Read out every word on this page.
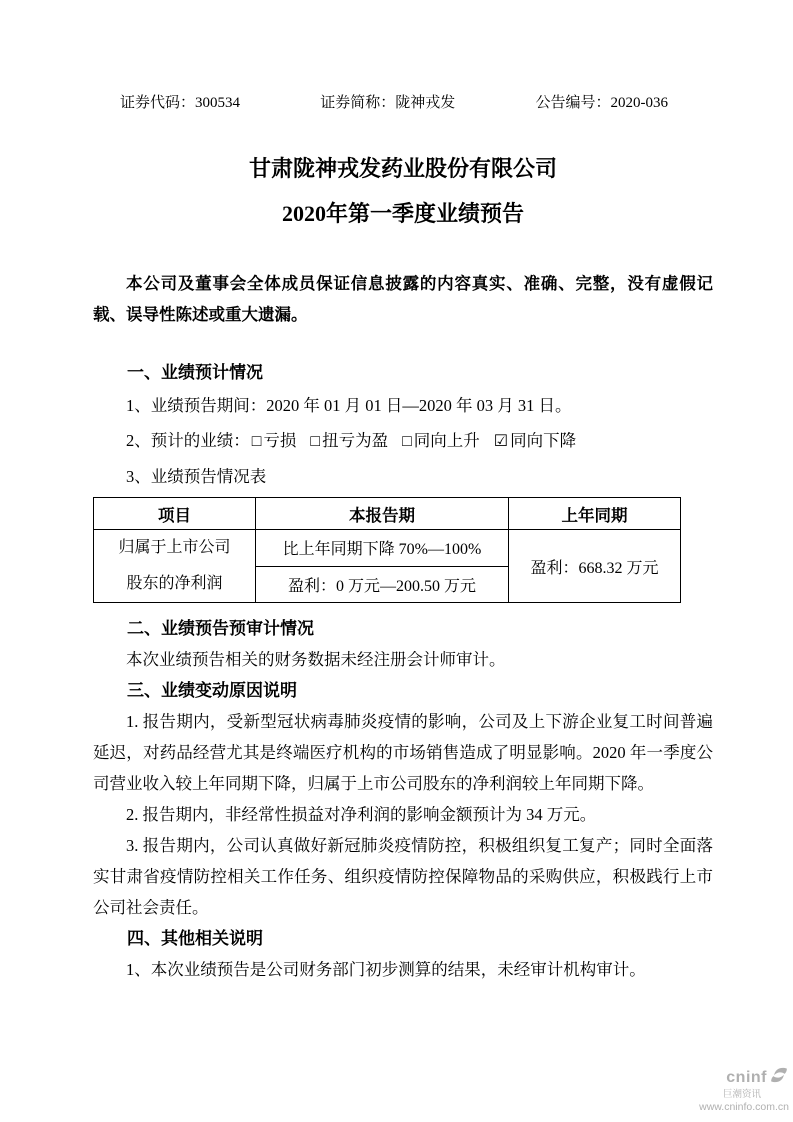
证券代码：300534	证券简称：陇神戎发	公告编号：2020-036
甘肃陇神戎发药业股份有限公司
2020年第一季度业绩预告
本公司及董事会全体成员保证信息披露的内容真实、准确、完整，没有虚假记载、误导性陈述或重大遗漏。
一、业绩预计情况
1、业绩预告期间：2020 年 01 月 01 日—2020 年 03 月 31 日。
2、预计的业绩： □ 亏损 □ 扭亏为盈 □ 同向上升 ☑ 同向下降
3、业绩预告情况表
项目	本报告期	上年同期
归属于上市公司
股东的净利润	比上年同期下降 70%—100%	盈利：668.32 万元
	盈利：0 万元—200.50 万元	
二、业绩预告预审计情况
本次业绩预告相关的财务数据未经注册会计师审计。
三、业绩变动原因说明
1. 报告期内，受新型冠状病毒肺炎疫情的影响，公司及上下游企业复工时间普遍延迟，对药品经营尤其是终端医疗机构的市场销售造成了明显影响。2020 年一季度公司营业收入较上年同期下降，归属于上市公司股东的净利润较上年同期下降。
2. 报告期内，非经常性损益对净利润的影响金额预计为 34 万元。
3. 报告期内，公司认真做好新冠肺炎疫情防控，积极组织复工复产；同时全面落实甘肃省疫情防控相关工作任务、组织疫情防控保障物品的采购供应，积极践行上市公司社会责任。
四、其他相关说明
1、本次业绩预告是公司财务部门初步测算的结果，未经审计机构审计。
cninf
巨潮资讯
www.cninfo.com.cn
